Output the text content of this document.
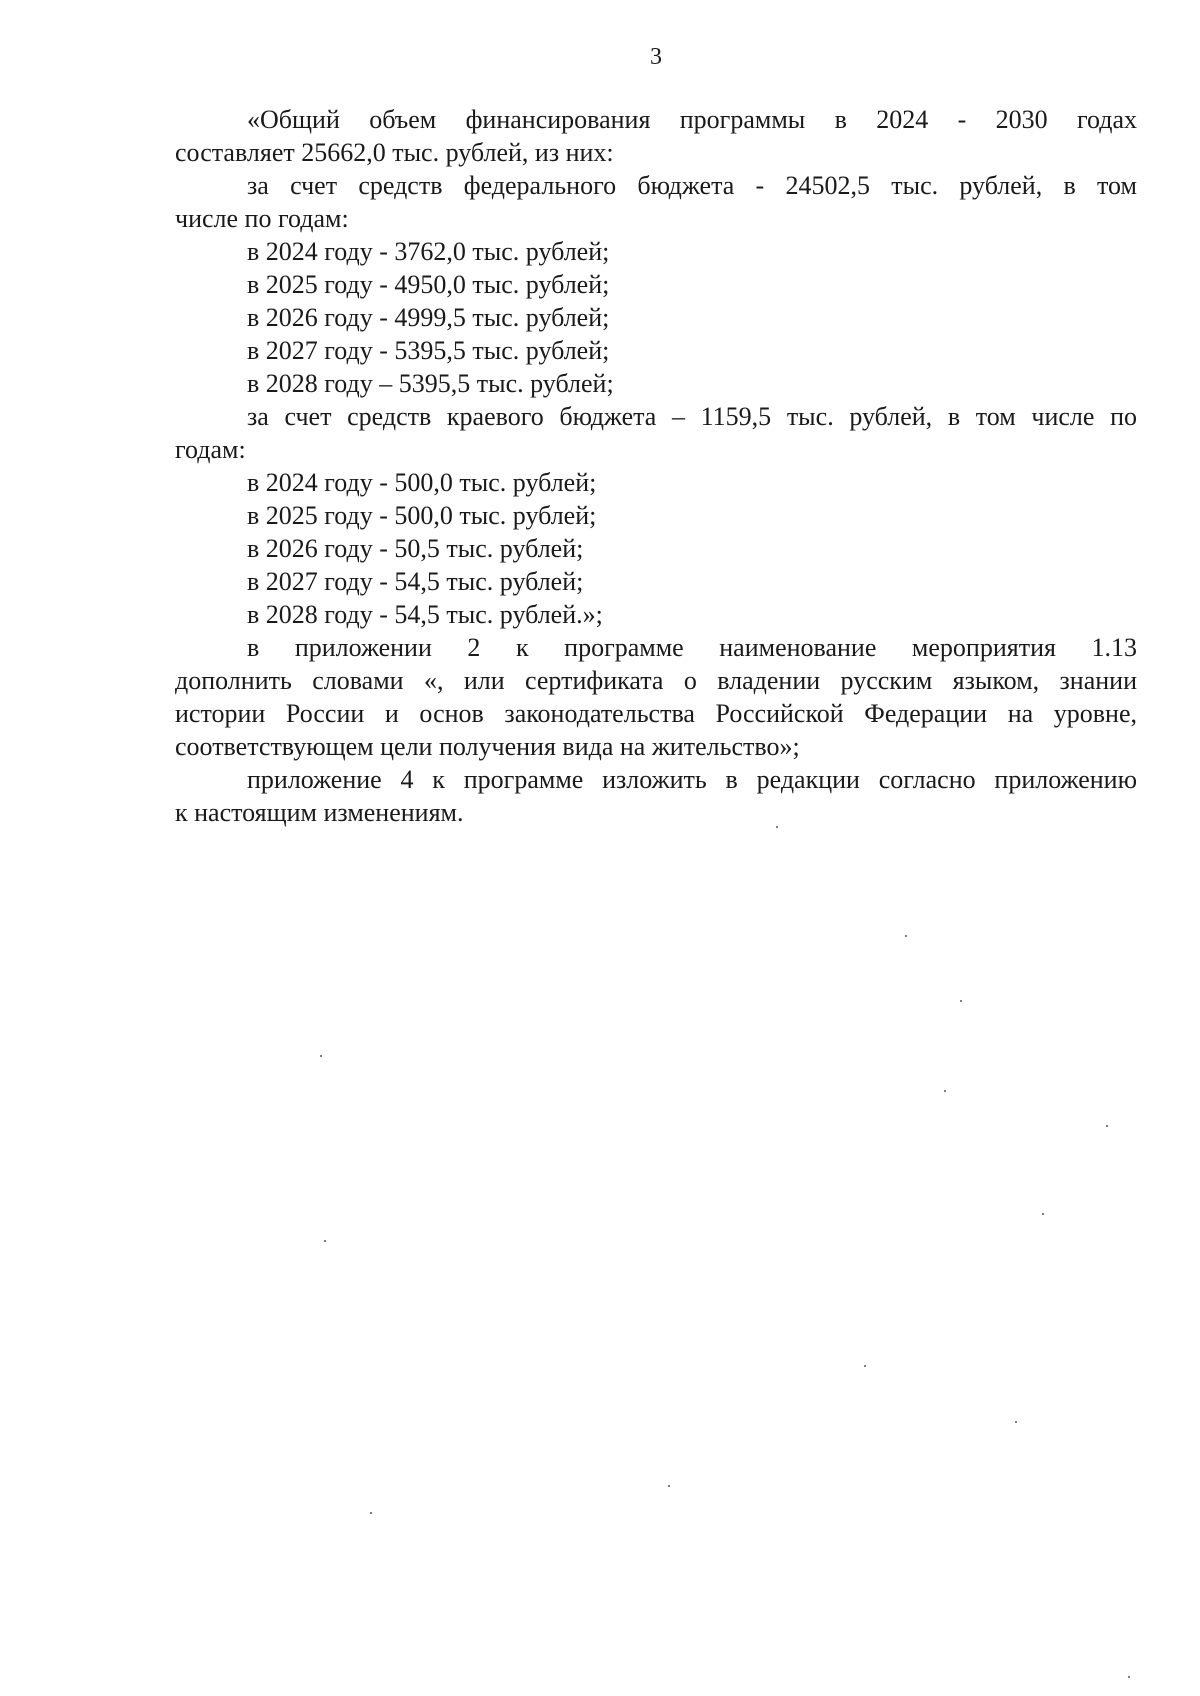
3
«Общий объем финансирования программы в 2024 - 2030 годах
составляет 25662,0 тыс. рублей, из них:
за счет средств федерального бюджета - 24502,5 тыс. рублей, в том
числе по годам:
в 2024 году - 3762,0 тыс. рублей;
в 2025 году - 4950,0 тыс. рублей;
в 2026 году - 4999,5 тыс. рублей;
в 2027 году - 5395,5 тыс. рублей;
в 2028 году – 5395,5 тыс. рублей;
за счет средств краевого бюджета – 1159,5 тыс. рублей, в том числе по
годам:
в 2024 году - 500,0 тыс. рублей;
в 2025 году - 500,0 тыс. рублей;
в 2026 году - 50,5 тыс. рублей;
в 2027 году - 54,5 тыс. рублей;
в 2028 году - 54,5 тыс. рублей.»;
в приложении 2 к программе наименование мероприятия 1.13
дополнить словами «, или сертификата о владении русским языком, знании
истории России и основ законодательства Российской Федерации на уровне,
соответствующем цели получения вида на жительство»;
приложение 4 к программе изложить в редакции согласно приложению
к настоящим изменениям.
